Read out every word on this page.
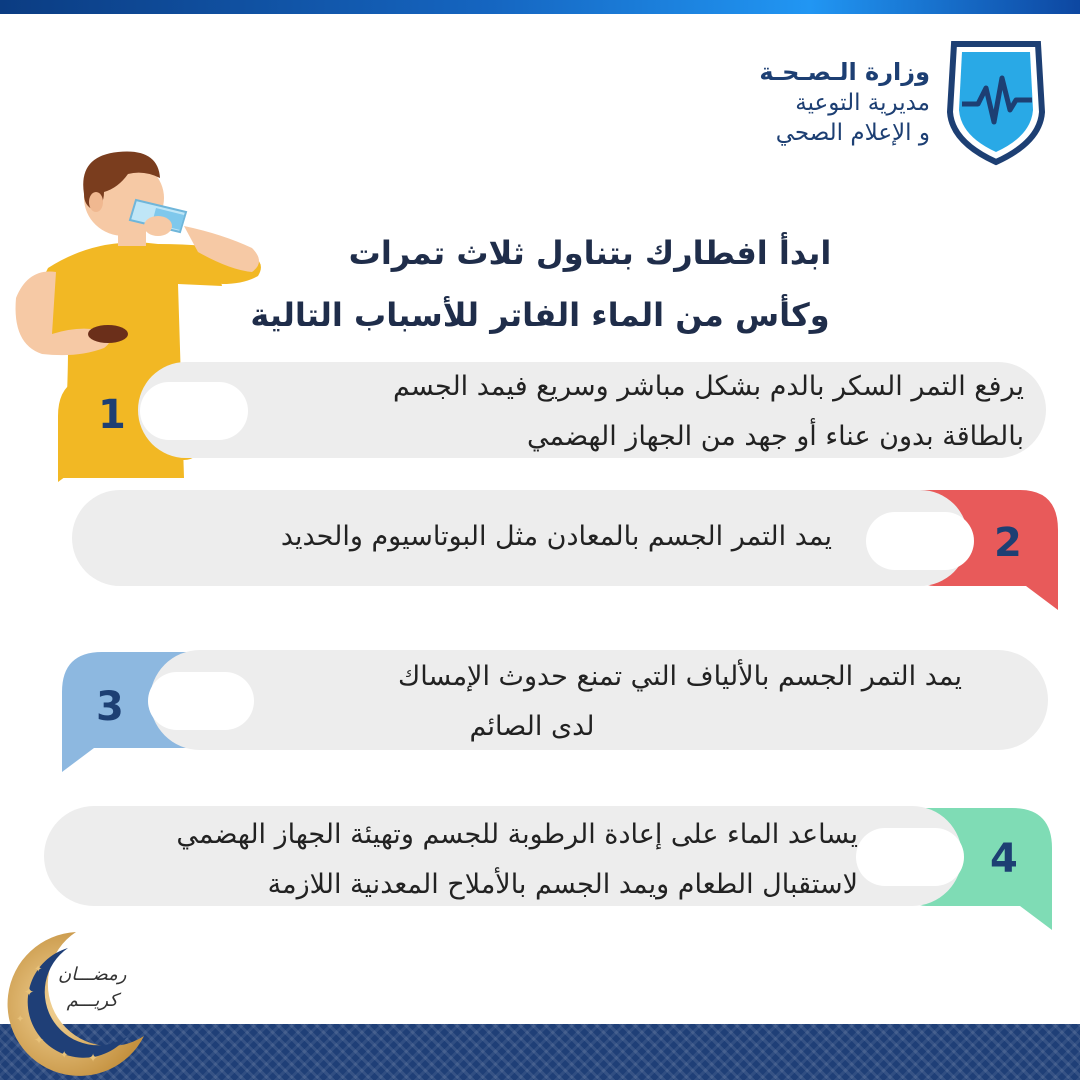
وزارة الـصـحـة
مديرية التوعية
و الإعلام الصحي
ابدأ افطارك بتناول ثلاث تمرات
وكأس من الماء الفاتر للأسباب التالية
1
يرفع التمر السكر بالدم بشكل مباشر وسريع فيمد الجسم
بالطاقة بدون عناء أو جهد من الجهاز الهضمي
2
يمد التمر الجسم بالمعادن مثل البوتاسيوم والحديد
3
يمد التمر الجسم بالألياف التي تمنع حدوث الإمساك
لدى الصائم
4
يساعد الماء على إعادة الرطوبة للجسم وتهيئة الجهاز الهضمي
لاستقبال الطعام ويمد الجسم بالأملاح المعدنية اللازمة
✦
✦
✦
✦ ✦
✦ رمضـــان
كريـــم
